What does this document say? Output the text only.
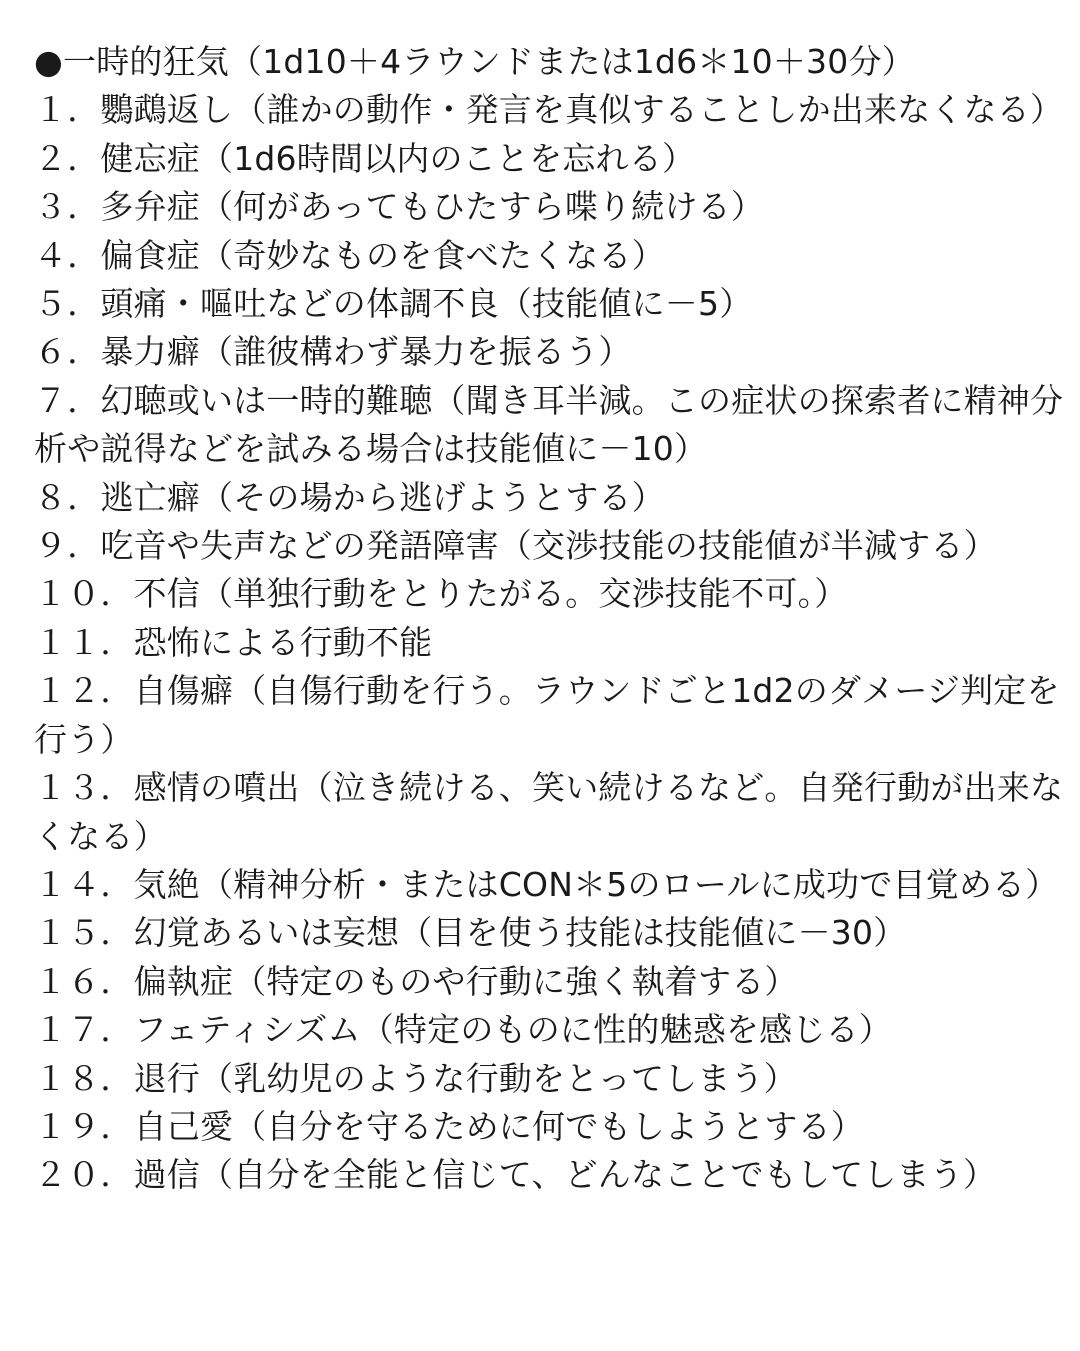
●一時的狂気（1d10＋4ラウンドまたは1d6＊10＋30分）
１．鸚鵡返し（誰かの動作・発言を真似することしか出来なくなる）
２．健忘症（1d6時間以内のことを忘れる）
３．多弁症（何があってもひたすら喋り続ける）
４．偏食症（奇妙なものを食べたくなる）
５．頭痛・嘔吐などの体調不良（技能値に－5）
６．暴力癖（誰彼構わず暴力を振るう）
７．幻聴或いは一時的難聴（聞き耳半減。この症状の探索者に精神分析や説得などを試みる場合は技能値に－10）
８．逃亡癖（その場から逃げようとする）
９．吃音や失声などの発語障害（交渉技能の技能値が半減する）
１０．不信（単独行動をとりたがる。交渉技能不可。）
１１．恐怖による行動不能
１２．自傷癖（自傷行動を行う。ラウンドごと1d2のダメージ判定を行う）
１３．感情の噴出（泣き続ける、笑い続けるなど。自発行動が出来なくなる）
１４．気絶（精神分析・またはCON＊5のロールに成功で目覚める）
１５．幻覚あるいは妄想（目を使う技能は技能値に－30）
１６．偏執症（特定のものや行動に強く執着する）
１７．フェティシズム（特定のものに性的魅惑を感じる）
１８．退行（乳幼児のような行動をとってしまう）
１９．自己愛（自分を守るために何でもしようとする）
２０．過信（自分を全能と信じて、どんなことでもしてしまう）
